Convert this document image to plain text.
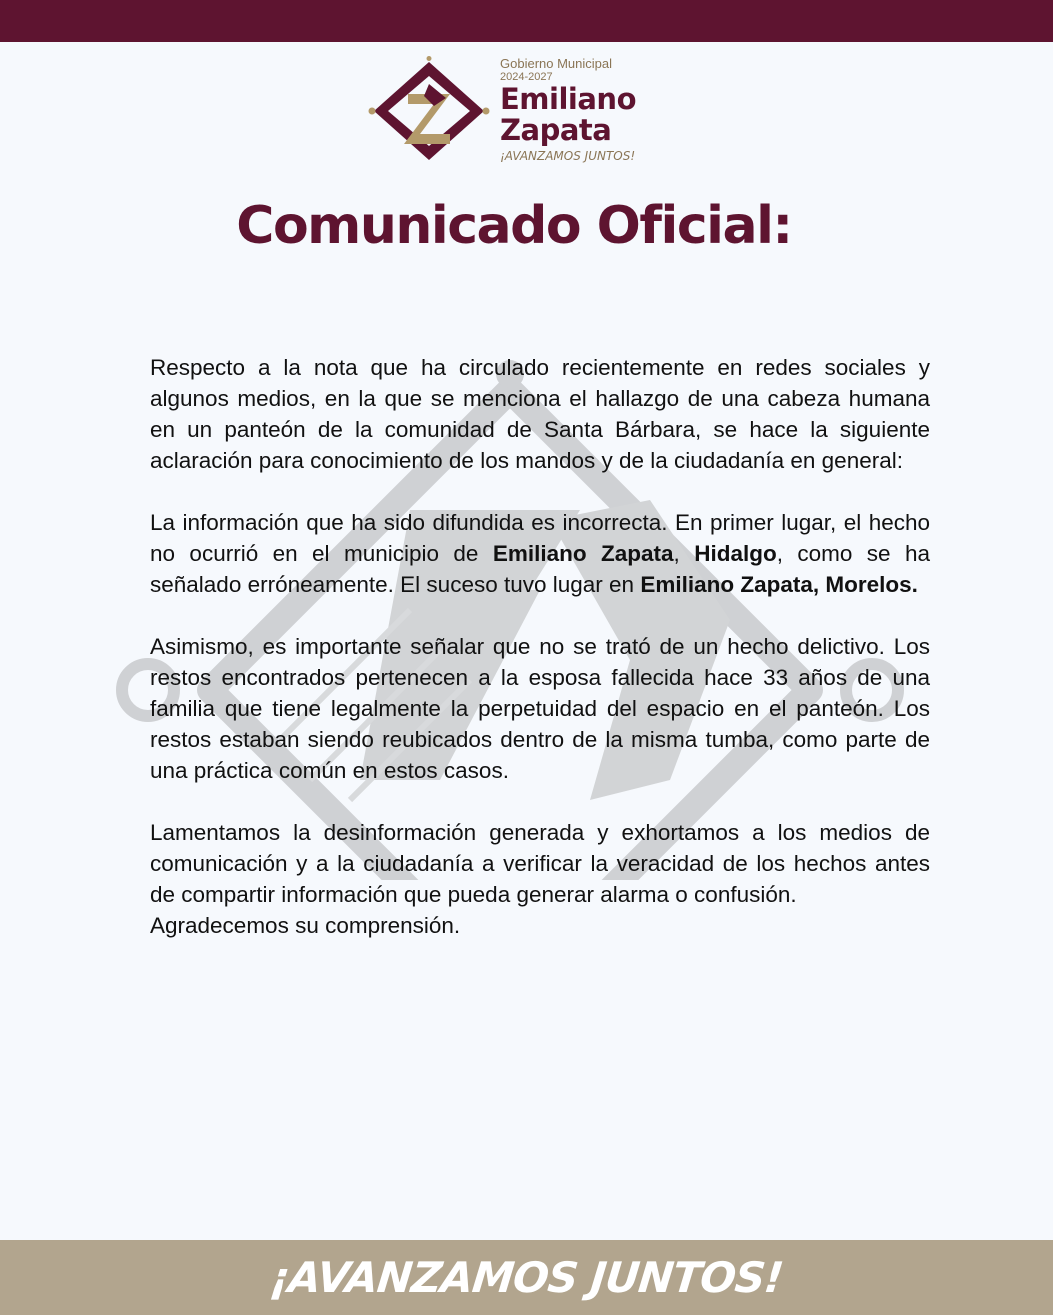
Gobierno Municipal
2024-2027
Emiliano
Zapata
¡AVANZAMOS JUNTOS!
Comunicado Oficial:

Respecto a la nota que ha circulado recientemente en redes sociales y algunos medios, en la que se menciona el hallazgo de una cabeza humana en un panteón de la comunidad de Santa Bárbara, se hace la siguiente aclaración para conocimiento de los mandos y de la ciudadanía en general:

La información que ha sido difundida es incorrecta. En primer lugar, el hecho no ocurrió en el municipio de Emiliano Zapata, Hidalgo, como se ha señalado erróneamente. El suceso tuvo lugar en Emiliano Zapata, Morelos.

Asimismo, es importante señalar que no se trató de un hecho delictivo. Los restos encontrados pertenecen a la esposa fallecida hace 33 años de una familia que tiene legalmente la perpetuidad del espacio en el panteón. Los restos estaban siendo reubicados dentro de la misma tumba, como parte de una práctica común en estos casos.

Lamentamos la desinformación generada y exhortamos a los medios de comunicación y a la ciudadanía a verificar la veracidad de los hechos antes de compartir información que pueda generar alarma o confusión.

Agradecemos su comprensión.

¡AVANZAMOS JUNTOS!
